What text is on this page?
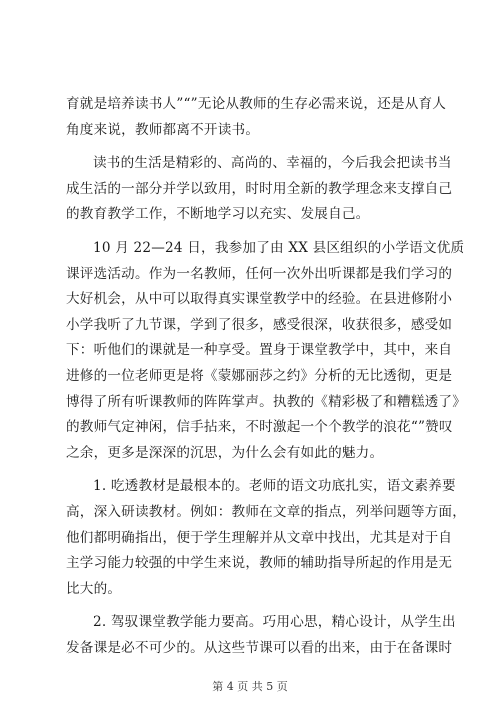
育就是培养读书人”“”无论从教师的生存必需来说，还是从育人
角度来说，教师都离不开读书。

读书的生活是精彩的、高尚的、幸福的，今后我会把读书当
成生活的一部分并学以致用，时时用全新的教学理念来支撑自己
的教育教学工作，不断地学习以充实、发展自己。

10 月 22—24 日，我参加了由 XX 县区组织的小学语文优质
课评选活动。作为一名教师，任何一次外出听课都是我们学习的
大好机会，从中可以取得真实课堂教学中的经验。在县进修附小
小学我听了九节课，学到了很多，感受很深，收获很多，感受如
下：听他们的课就是一种享受。置身于课堂教学中，其中，来自
进修的一位老师更是将《蒙娜丽莎之约》分析的无比透彻，更是
博得了所有听课教师的阵阵掌声。执教的《精彩极了和糟糕透了》
的教师气定神闲，信手拈来，不时激起一个个教学的浪花“”赞叹
之余，更多是深深的沉思，为什么会有如此的魅力。

1. 吃透教材是最根本的。老师的语文功底扎实，语文素养要
高，深入研读教材。例如：教师在文章的指点，列举问题等方面，
他们都明确指出，便于学生理解并从文章中找出，尤其是对于自
主学习能力较强的中学生来说，教师的辅助指导所起的作用是无
比大的。

2. 驾驭课堂教学能力要高。巧用心思，精心设计，从学生出
发备课是必不可少的。从这些节课可以看的出来，由于在备课时

第 4 页 共 5 页
